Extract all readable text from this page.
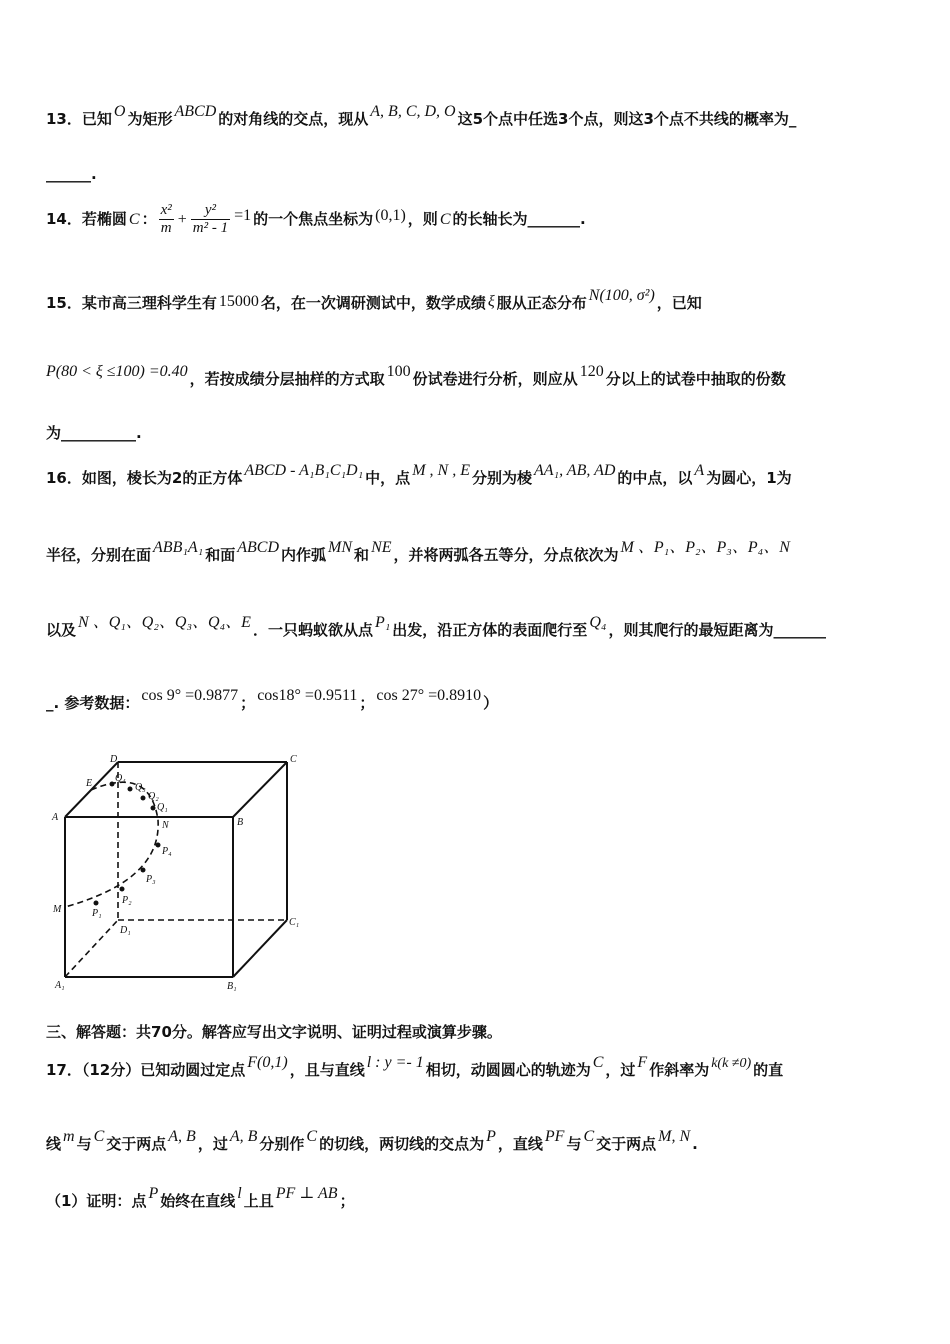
13．已知 O 为矩形 ABCD 的对角线的交点，现从 A, B, C, D, O 这5个点中任选3个点，则这3个点不共线的概率为_
______.
14．若椭圆 C ： $\frac{\text{x²}}{m} + \frac{\text{y²}}{\text{m² - 1}} =1$ 的一个焦点坐标为 (0,1) ，则 C 的长轴长为_______.
15．某市高三理科学生有 15000 名，在一次调研测试中，数学成绩 ξ 服从正态分布 N(100, σ²) ，已知
P(80 < ξ ≤100) =0.40 ，若按成绩分层抽样的方式取 100 份试卷进行分析，则应从 120 分以上的试卷中抽取的份数
为__________.
16．如图，棱长为2的正方体 ABCD - A₁B₁C₁D₁ 中，点 M , N , E 分别为棱 AA₁, AB, AD 的中点，以 A 为圆心，1为
半径，分别在面 ABB₁A₁ 和面 ABCD 内作弧 MN 和 NE ，并将两弧各五等分，分点依次为 M 、P₁、P₂、P₃、P₄、N
以及 N 、Q₁、Q₂、Q₃、Q₄、E ．一只蚂蚁欲从点 P₁ 出发，沿正方体的表面爬行至 Q₄ ，则其爬行的最短距离为_______
_. 参考数据： cos 9° =0.9877 ； cos18° =0.9511 ； cos 27° =0.8910 ）
A	B
C
D
A₁	B₁
C₁
D₁
E
M
N
P₁
P₂
P₃
P₄
Q₁
Q₂
Q₃
Q₄
三、解答题：共70分。解答应写出文字说明、证明过程或演算步骤。
17．（12分）已知动圆过定点 F(0,1) ，且与直线 l : y =- 1 相切，动圆圆心的轨迹为 C ，过 F 作斜率为 k(k ≠0) 的直
线 m 与 C 交于两点 A, B ，过 A, B 分别作 C 的切线，两切线的交点为 P ，直线 PF 与 C 交于两点 M, N .
（1）证明：点 P 始终在直线 l 上且 PF ⊥ AB ；
